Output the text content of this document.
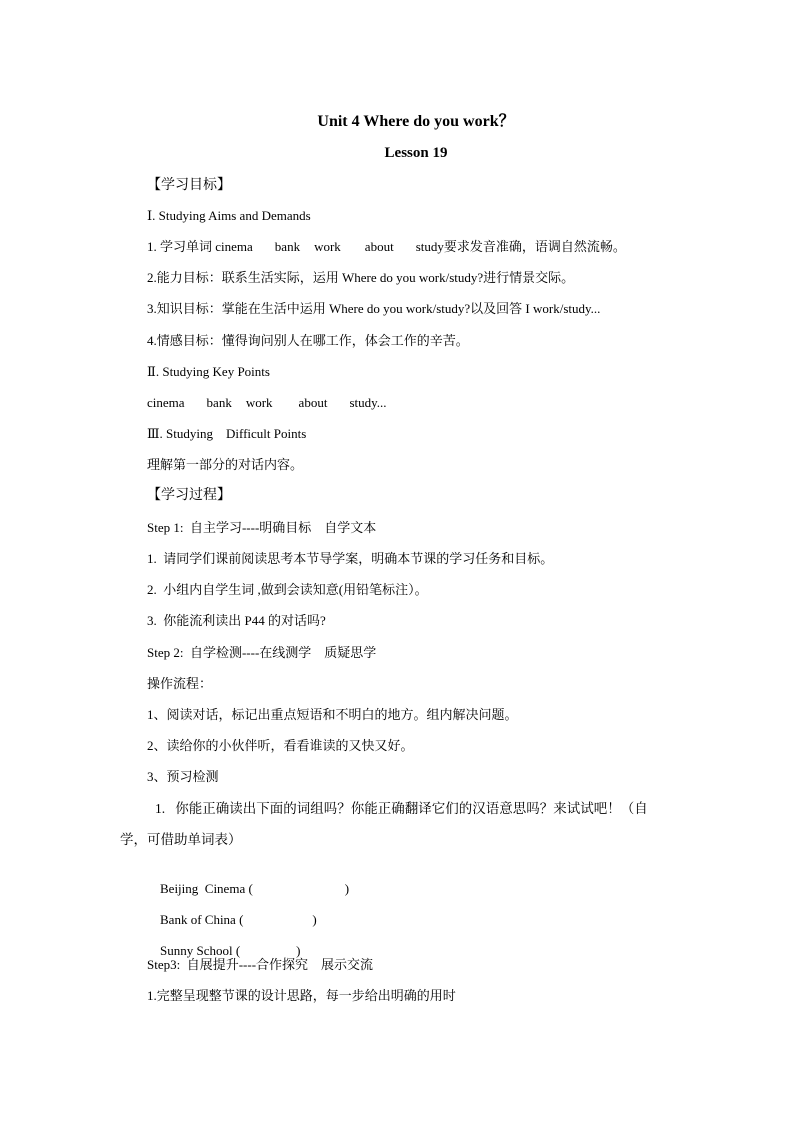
Unit 4 Where do you work？
Lesson 19
【学习目标】
Ⅰ. Studying Aims and Demands
1. 学习单词 cinema bank work about study要求发音准确，语调自然流畅。
2.能力目标：联系生活实际，运用 Where do you work/study?进行情景交际。
3.知识目标：掌能在生活中运用 Where do you work/study?以及回答 I work/study...
4.情感目标：懂得询问别人在哪工作，体会工作的辛苦。
Ⅱ. Studying Key Points
cinema bank work about study...
Ⅲ. Studying    Difficult Points
理解第一部分的对话内容。
【学习过程】
Step 1:  自主学习----明确目标    自学文本
1.  请同学们课前阅读思考本节导学案，明确本节课的学习任务和目标。
2.  小组内自学生词 ,做到会读知意(用铅笔标注）。
3.  你能流利读出 P44 的对话吗?
Step 2:  自学检测----在线测学    质疑思学
操作流程：
1、阅读对话，标记出重点短语和不明白的地方。组内解决问题。
2、读给你的小伙伴听，看看谁读的又快又好。
3、预习检测
1.   你能正确读出下面的词组吗？你能正确翻译它们的汉语意思吗？来试试吧！（自
学，可借助单词表）

Beijing  Cinema (	)

Bank of China (	)

Sunny School (	)

Step3:  自展提升----合作探究    展示交流
1.完整呈现整节课的设计思路，每一步给出明确的用时
